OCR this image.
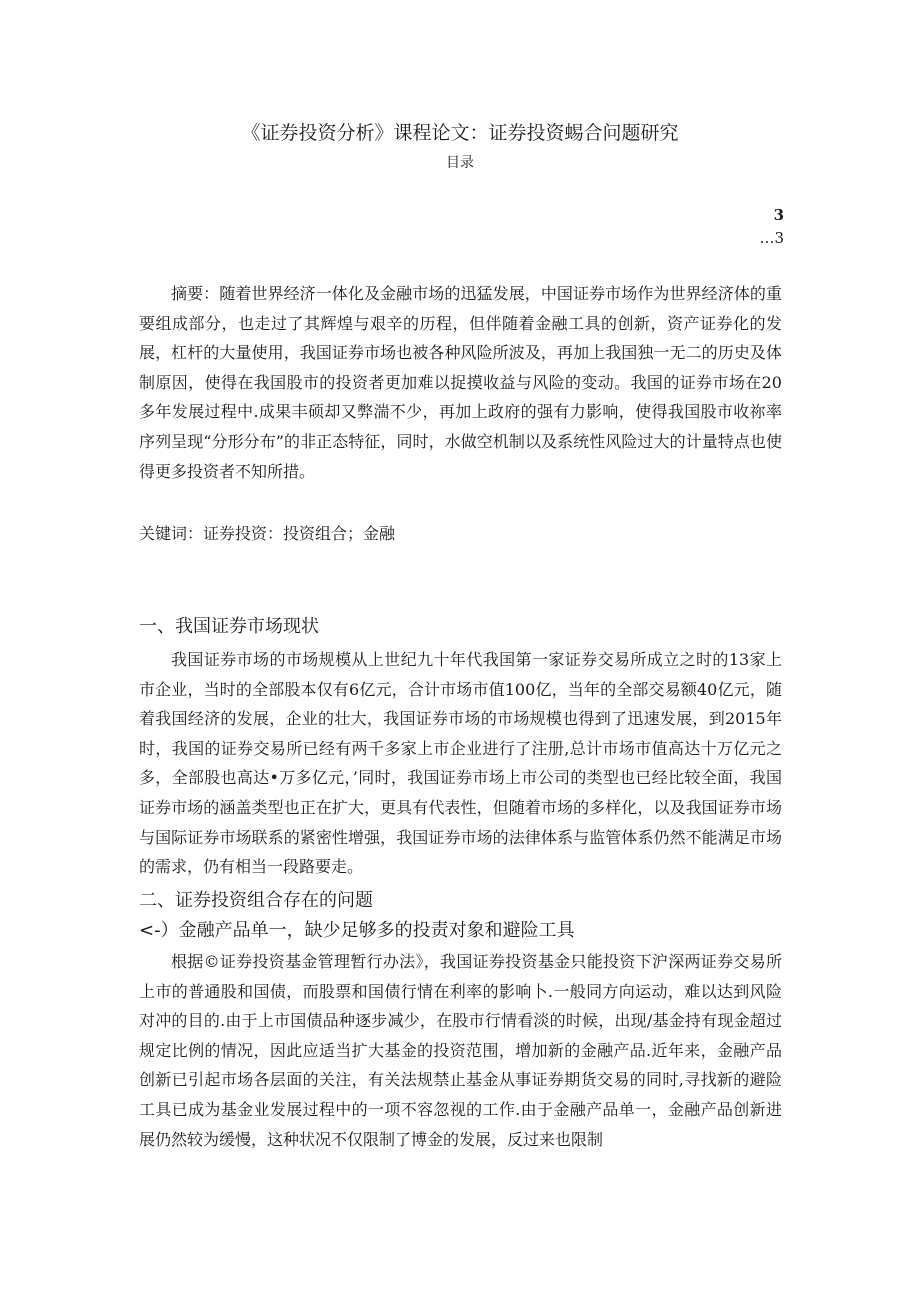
《证券投资分析》课程论文：证券投资蜴合问题研究
目录
3
…3

摘要：随着世界经济一体化及金融市场的迅猛发展，中国证券市场作为世界经济体的重要组成部分，也走过了其辉煌与艰辛的历程，但伴随着金融工具的创新，资产证券化的发展，杠杆的大量使用，我国证券市场也被各种风险所波及，再加上我国独一无二的历史及体制原因，使得在我国股市的投资者更加难以捉摸收益与风险的变动。我国的证券市场在20多年发展过程中.成果丰硕却又弊湍不少，再加上政府的强有力影响，使得我国股市收祢率序列呈现“分形分布”的非正态特征，同时，水做空机制以及系统性风险过大的计量特点也使得更多投资者不知所措。

关键词：证券投资：投资组合；金融
一、我国证券市场现状

我国证券市场的市场规模从上世纪九十年代我国第一家证券交易所成立之时的13家上市企业，当时的全部股本仅有6亿元，合计市场市值100亿，当年的全部交易额40亿元，随着我国经济的发展，企业的壮大，我国证券市场的市场规模也得到了迅速发展，到2015年时，我国的证券交易所已经有两千多家上市企业进行了注册,总计市场市值高达十万亿元之多，全部股也高达•万多亿元，’同时，我国证券市场上市公司的类型也已经比较全面，我国证券市场的涵盖类型也正在扩大，更具有代表性，但随着市场的多样化，以及我国证券市场与国际证券市场联系的紧密性增强，我国证券市场的法律体系与监管体系仍然不能满足市场的需求，仍有相当一段路要走。

二、证券投资组合存在的问题
<-）金融产品单一，缺少足够多的投责对象和避险工具

根据©证券投资基金管理暂行办法》，我国证券投资基金只能投资下沪深两证券交易所上市的普通股和国债，而股票和国债行情在利率的影响卜.一般同方向运动，难以达到风险对冲的目的.由于上市国债品种逐步减少，在股市行情看淡的时候，出现/基金持有现金超过规定比例的情况，因此应适当扩大基金的投资范围，增加新的金融产品.近年来，金融产品创新已引起市场各层面的关注，有关法规禁止基金从事证券期货交易的同时,寻找新的避险工具已成为基金业发展过程中的一项不容忽视的工作.由于金融产品单一，金融产品创新进展仍然较为缓慢，这种状况不仅限制了博金的发展，反过来也限制
